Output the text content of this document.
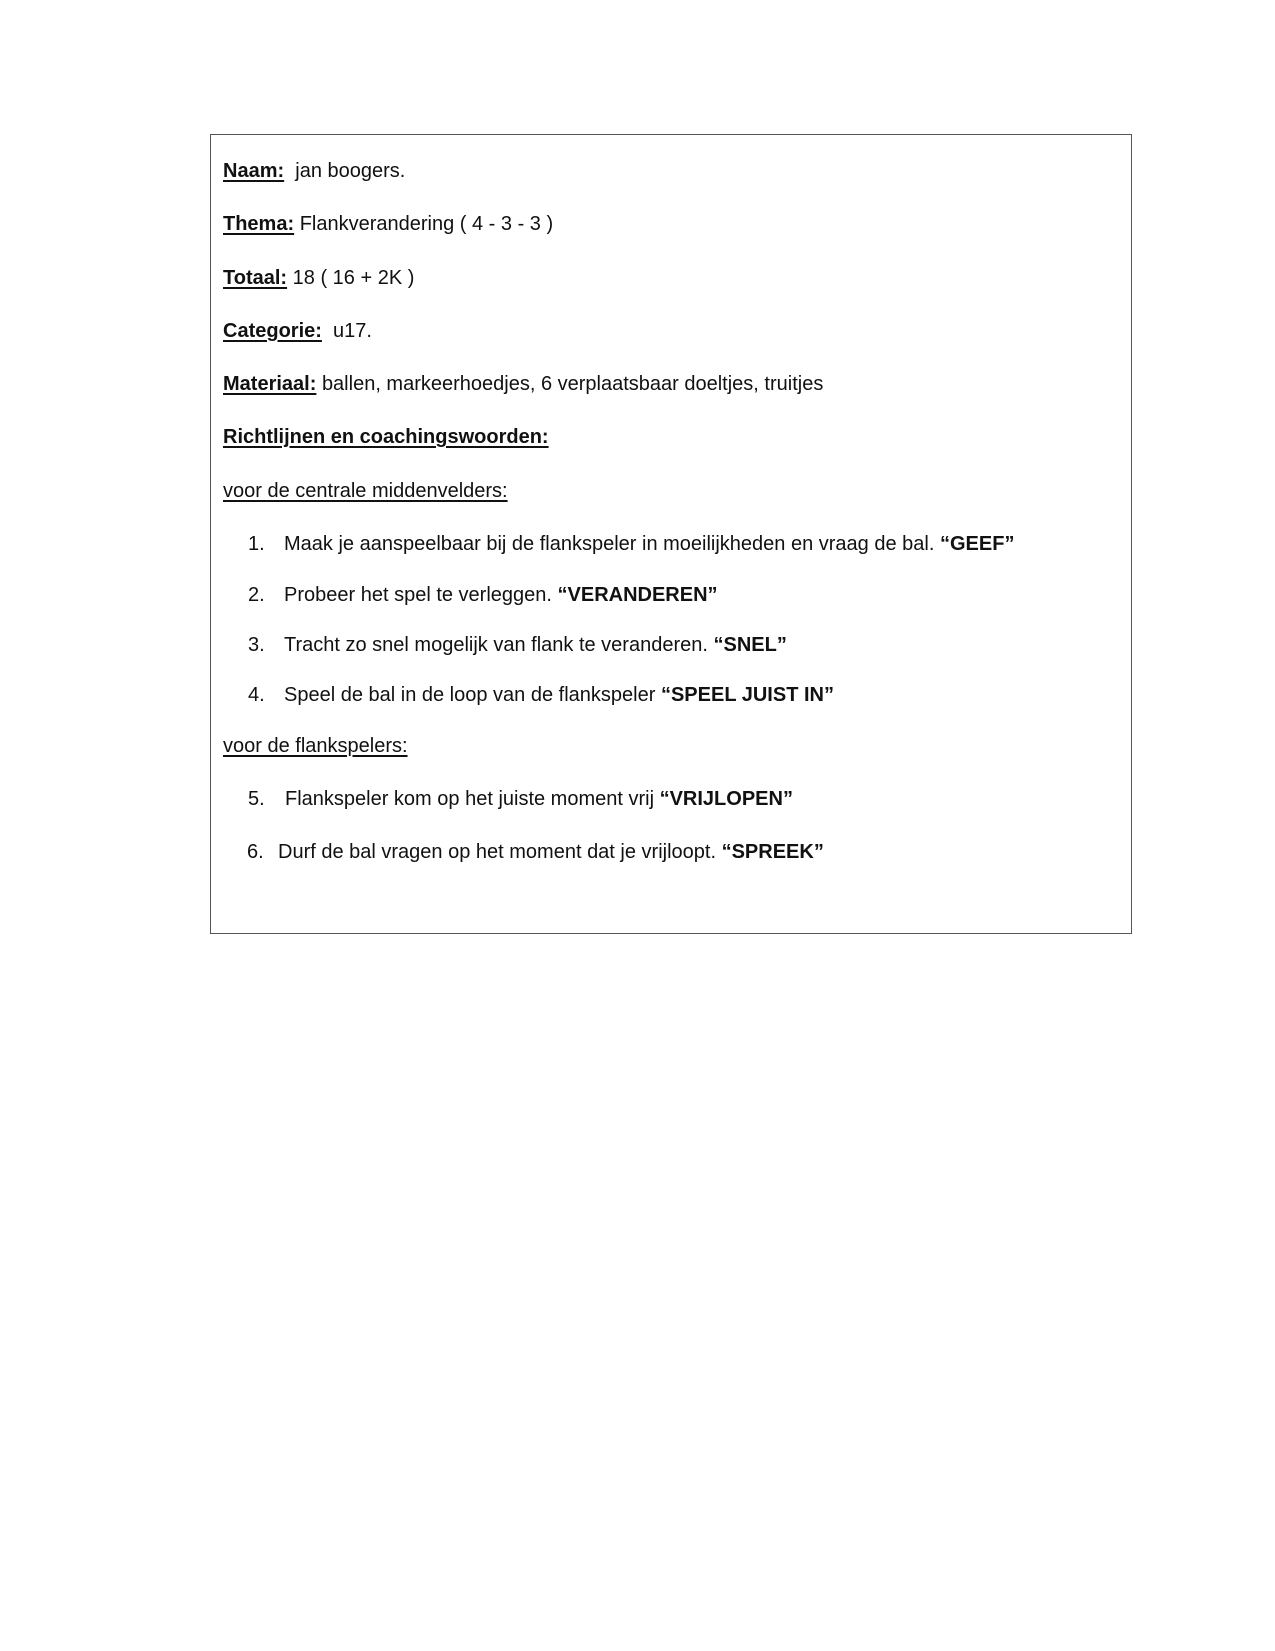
Naam: jan boogers.
Thema: Flankverandering ( 4 - 3 - 3 )
Totaal: 18 ( 16 + 2K )
Categorie: u17.
Materiaal: ballen, markeerhoedjes, 6 verplaatsbaar doeltjes, truitjes
Richtlijnen en coachingswoorden:
voor de centrale middenvelders:
1. Maak je aanspeelbaar bij de flankspeler in moeilijkheden en vraag de bal. “GEEF”
2. Probeer het spel te verleggen. “VERANDEREN”
3. Tracht zo snel mogelijk van flank te veranderen. “SNEL”
4. Speel de bal in de loop van de flankspeler “SPEEL JUIST IN”
voor de flankspelers:
5. Flankspeler kom op het juiste moment vrij “VRIJLOPEN”
6. Durf de bal vragen op het moment dat je vrijloopt. “SPREEK”
